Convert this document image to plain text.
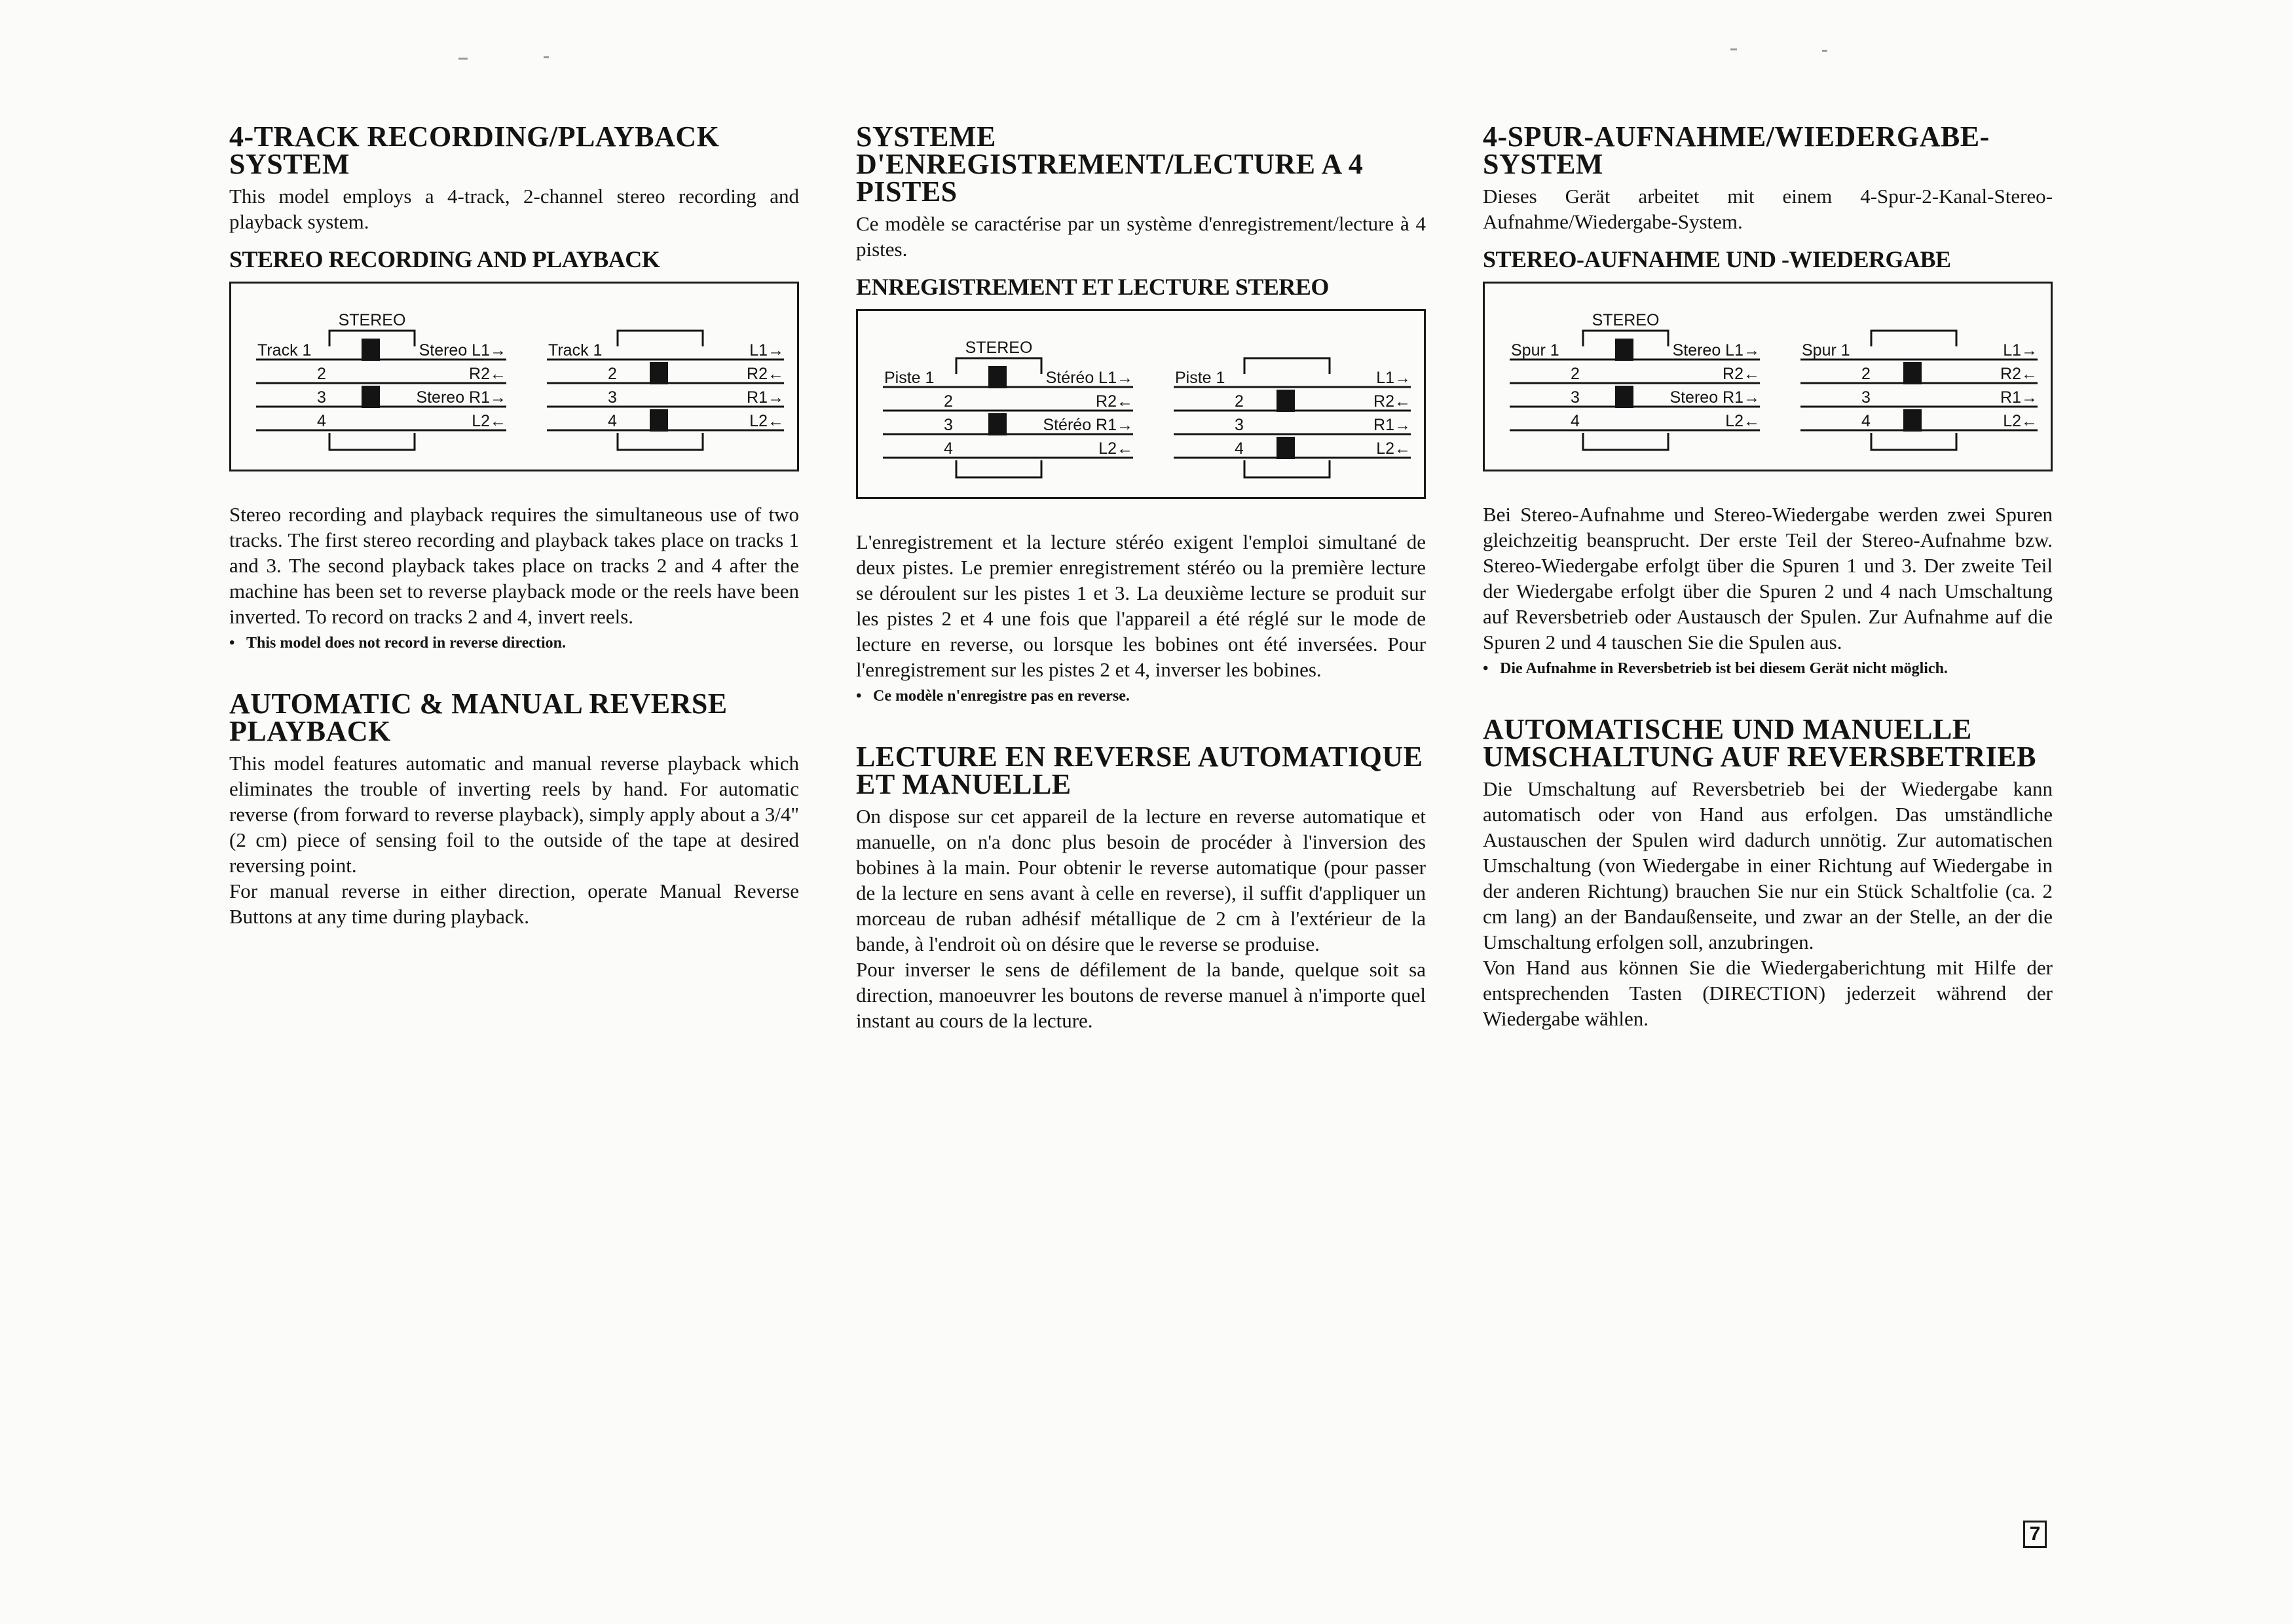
4-TRACK RECORDING/PLAYBACK SYSTEM

This model employs a 4-track, 2-channel stereo recording and playback system.

STEREO RECORDING AND PLAYBACK
STEREO
Track 1	Stereo L1→
2	R2←
3	Stereo R1→
4	L2←
Track 1	L1→
2	R2←
3	R1→
4	L2←

Stereo recording and playback requires the simultaneous use of two tracks. The first stereo recording and playback takes place on tracks 1 and 3. The second playback takes place on tracks 2 and 4 after the machine has been set to reverse playback mode or the reels have been inverted. To record on tracks 2 and 4, invert reels.

• This model does not record in reverse direction.

AUTOMATIC & MANUAL REVERSE PLAYBACK

This model features automatic and manual reverse playback which eliminates the trouble of inverting reels by hand. For automatic reverse (from forward to reverse playback), simply apply about a 3/4" (2 cm) piece of sensing foil to the outside of the tape at desired reversing point.

For manual reverse in either direction, operate Manual Reverse Buttons at any time during playback.

SYSTEME D'ENREGISTREMENT/LECTURE A 4 PISTES

Ce modèle se caractérise par un système d'enregistrement/lecture à 4 pistes.

ENREGISTREMENT ET LECTURE STEREO
STEREO
Piste 1	Stéréo L1→
2	R2←
3	Stéréo R1→
4	L2←
Piste 1	L1→
2	R2←
3	R1→
4	L2←

L'enregistrement et la lecture stéréo exigent l'emploi simultané de deux pistes. Le premier enregistrement stéréo ou la première lecture se déroulent sur les pistes 1 et 3. La deuxième lecture se produit sur les pistes 2 et 4 une fois que l'appareil a été réglé sur le mode de lecture en reverse, ou lorsque les bobines ont été inversées. Pour l'enregistrement sur les pistes 2 et 4, inverser les bobines.

• Ce modèle n'enregistre pas en reverse.

LECTURE EN REVERSE AUTOMATIQUE ET MANUELLE

On dispose sur cet appareil de la lecture en reverse automatique et manuelle, on n'a donc plus besoin de procéder à l'inversion des bobines à la main. Pour obtenir le reverse automatique (pour passer de la lecture en sens avant à celle en reverse), il suffit d'appliquer un morceau de ruban adhésif métallique de 2 cm à l'extérieur de la bande, à l'endroit où on désire que le reverse se produise.

Pour inverser le sens de défilement de la bande, quelque soit sa direction, manoeuvrer les boutons de reverse manuel à n'importe quel instant au cours de la lecture.

4-SPUR-AUFNAHME/WIEDERGABE-SYSTEM

Dieses Gerät arbeitet mit einem 4-Spur-2-Kanal-Stereo-Aufnahme/Wiedergabe-System.

STEREO-AUFNAHME UND -WIEDERGABE
STEREO
Spur 1	Stereo L1→
2	R2←
3	Stereo R1→
4	L2←
Spur 1	L1→
2	R2←
3	R1→
4	L2←

Bei Stereo-Aufnahme und Stereo-Wiedergabe werden zwei Spuren gleichzeitig beansprucht. Der erste Teil der Stereo-Aufnahme bzw. Stereo-Wiedergabe erfolgt über die Spuren 1 und 3. Der zweite Teil der Wiedergabe erfolgt über die Spuren 2 und 4 nach Umschaltung auf Reversbetrieb oder Austausch der Spulen. Zur Aufnahme auf die Spuren 2 und 4 tauschen Sie die Spulen aus.

• Die Aufnahme in Reversbetrieb ist bei diesem Gerät nicht möglich.

AUTOMATISCHE UND MANUELLE UMSCHALTUNG AUF REVERSBETRIEB

Die Umschaltung auf Reversbetrieb bei der Wiedergabe kann automatisch oder von Hand aus erfolgen. Das umständliche Austauschen der Spulen wird dadurch unnötig. Zur automatischen Umschaltung (von Wiedergabe in einer Richtung auf Wiedergabe in der anderen Richtung) brauchen Sie nur ein Stück Schaltfolie (ca. 2 cm lang) an der Bandaußenseite, und zwar an der Stelle, an der die Umschaltung erfolgen soll, anzubringen.

Von Hand aus können Sie die Wiedergaberichtung mit Hilfe der entsprechenden Tasten (DIRECTION) jederzeit während der Wiedergabe wählen.

7
